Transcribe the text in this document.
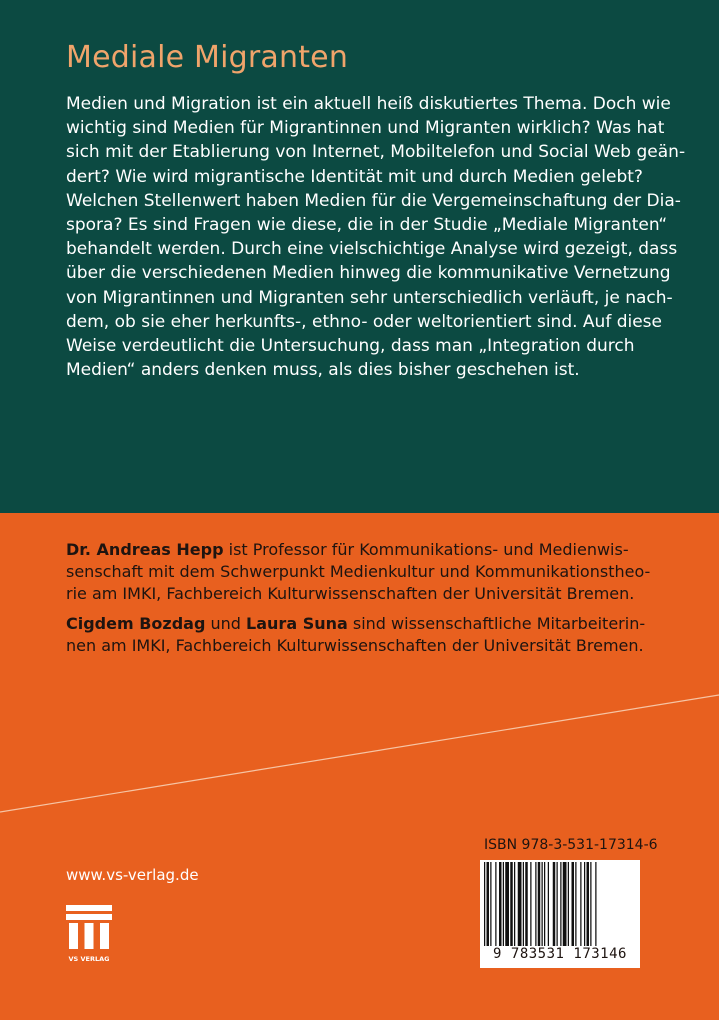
Mediale Migranten
Medien und Migration ist ein aktuell heiß diskutiertes Thema. Doch wie
wichtig sind Medien für Migrantinnen und Migranten wirklich? Was hat
sich mit der Etablierung von Internet, Mobiltelefon und Social Web geän-
dert? Wie wird migrantische Identität mit und durch Medien gelebt?
Welchen Stellenwert haben Medien für die Vergemeinschaftung der Dia-
spora? Es sind Fragen wie diese, die in der Studie „Mediale Migranten“
behandelt werden. Durch eine vielschichtige Analyse wird gezeigt, dass
über die verschiedenen Medien hinweg die kommunikative Vernetzung
von Migrantinnen und Migranten sehr unterschiedlich verläuft, je nach-
dem, ob sie eher herkunfts-, ethno- oder weltorientiert sind. Auf diese
Weise verdeutlicht die Untersuchung, dass man „Integration durch
Medien“ anders denken muss, als dies bisher geschehen ist.

Dr. Andreas Hepp ist Professor für Kommunikations- und Medienwis-
senschaft mit dem Schwerpunkt Medienkultur und Kommunikationstheo-
rie am IMKI, Fachbereich Kulturwissenschaften der Universität Bremen.

Cigdem Bozdag und Laura Suna sind wissenschaftliche Mitarbeiterin-
nen am IMKI, Fachbereich Kulturwissenschaften der Universität Bremen.

www.vs-verlag.de
VS VERLAG
ISBN 978-3-531-17314-6
9 783531 173146
